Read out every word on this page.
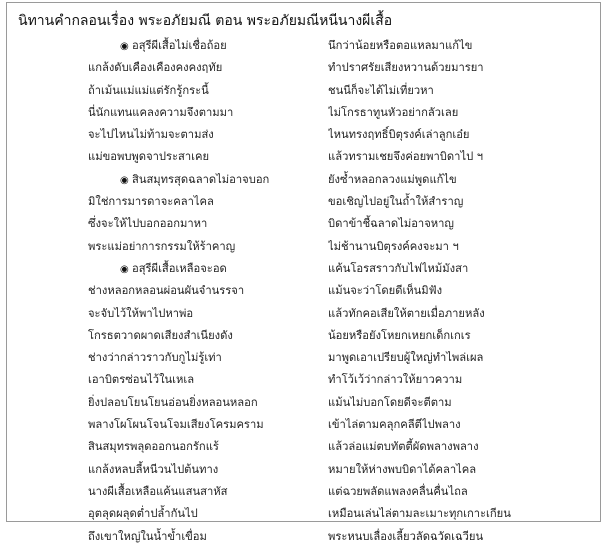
นิทานคำกลอนเรื่อง พระอภัยมณี ตอน พระอภัยมณีหนีนางผีเสื้อ
◉ อสุรีผีเสื้อไม่เชื่อถ้อย
แกล้งดับเคืองเคืองคงคงฤทัย
ถ้าเม้นแม่แม่แต่รักรู้กระนี้
นี่นักแทนแคลงความจึงตามมา
จะไปไหนไม่ท้ามจะตามส่ง
แม่ขอพบพูดจาประสาเคย
◉ สินสมุทรสุดฉลาดไม่อาจบอก
มิใช่การมารดาจะคลาไคล
ซึ่งจะให้ไปบอกออกมาหา
พระแม่อย่าการกรรมให้ร้าคาญ
◉ อสุรีผีเสื้อเหลือจะอด
ช่างหลอกหลอนผ่อนผันจำนรรจา
จะจับไว้ให้พาไปหาพ่อ
โกรธตวาดผาดเสียงสำเนียงดัง
ช่างว่ากล่าวราวกับกูไม่รู้เท่า
เอาบิตรซ่อนไว้ในเหเล
ยิ่งปลอบโยนโยนอ่อนยิ่งหลอนหลอก
พลางโผโผนโจนโจมเสียงโครมคราม
สินสมุทรพลุดออกนอกรักแร้
แกล้งหลบลี้หนีวนไปต้นทาง
นางผีเสื้อเหลือแค้นแสนสาหัส
อุตลุดผลุดต่ำปล้ำกันไป
ถึงเขาใหญ่ในน้ำข้ำเขื่อม
นึกว่าน้อยหรือตอแหลมาแก้ไข
ทำปราศรัยเสียงหวานด้วยมารยา
ชนนีก็จะได้ไม่เที่ยวหา
ไม่โกรธาทูนหัวอย่ากลัวเลย
ไหนทรงฤทธิ์บิตุรงค์เล่าลูกเอ๋ย
แล้วทรามเชยจึงค่อยพาบิดาไป ฯ
ยังซ้ำหลอกลวงแม่พูดแก้ไข
ขอเชิญไปอยู่ในถ้ำให้สำราญ
บิดาข้าชี้ฉลาดไม่อาจหาญ
ไม่ช้านานบิตุรงค์คงจะมา ฯ
แค้นโอรสราวกับไฟไหม้มังสา
แม้นจะว่าโดยดีเห็นมิฟัง
แล้วทักคอเสียให้ตายเมื่อภายหลัง
น้อยหรือยังโหยกเหยกเด็กเกเร
มาพูดเอาเปรียบผู้ใหญ่ทำไพล่เผล
ทำโว้เว้ว่ากล่าวให้ยาวความ
แม้นไม่บอกโดยดีจะตีตาม
เข้าไล่ตามคลุกคลีตีไปพลาง
แล้วล่อแม่ตบทัตตี้ผัดพลางพลาง
หมายให้ห่างพบบิดาได้คลาไคล
แต่ฉวยพลัดแพลงคลื่นคื่นไถล
เหมือนเล่นไล่ตามละเมาะทุกเกาะเกียน
พระหนบเลื่องเลี้ยวลัดฉวัดเฉวียน
